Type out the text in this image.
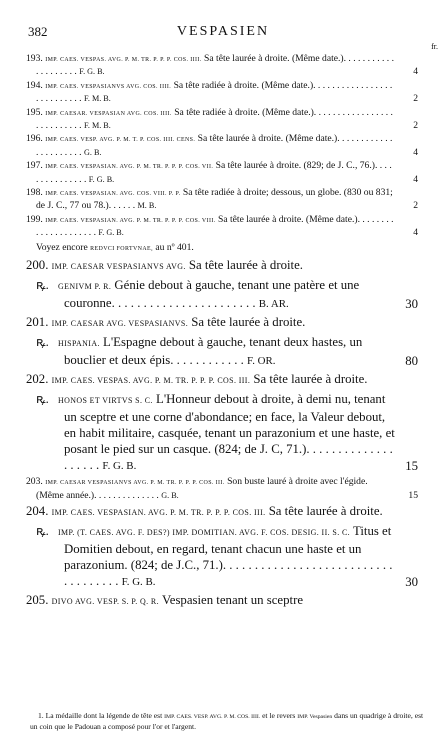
382	VESPASIEN
fr.
193. IMP. CAES. VESPAS. AVG. P. M. TR. P. P. P. COS. IIII. Sa tête laurée à droite. (Même date.). . . . . . . . . . . . . . . . . . . . F. G. B.	4
194. IMP. CAES. VESPASIANVS AVG. COS. IIII. Sa tête radiée à droite. (Même date.). . . . . . . . . . . . . . . . . . . . . . . . . . . F. M. B.	2
195. IMP. CAESAR. VESPASIAN AVG. COS. IIII. Sa tête radiée à droite. (Même date.). . . . . . . . . . . . . . . . . . . . . . . . . . . F. M. B.	2
196. IMP. CAES. VESP. AVG. P. M. T. P. COS. IIII. CENS. Sa tête laurée à droite. (Même date.). . . . . . . . . . . . . . . . . . . . . . G. B.	4
197. IMP. CAES. VESPASIAN. AVG. P. M. TR. P. P. P. COS. VII. Sa tête laurée à droite. (829; de J. C., 76.). . . . . . . . . . . . . . . F. G. B.	4
198. IMP. CAES. VESPASIAN. AVG. COS. VIII. P. P. Sa tête radiée à droite; dessous, un globe. (830 ou 831; de J. C., 77 ou 78.). . . . . . M. B.	2
199. IMP. CAES. VESPASIAN. AVG. P. M. TR. P. P. P. COS. VIII. Sa tête laurée à droite. (Même date.). . . . . . . . . . . . . . . . . . . . . F. G. B.	4
Voyez encore REDVCI FORTVNAE, au nº 401.
200. IMP. CAESAR VESPASIANVS AVG. Sa tête laurée à droite.
ꝶ. GENIVM P. R. Génie debout à gauche, tenant une patère et une couronne. . . . . . . . . . . . . . . . . . . . . . . B. AR.	30
201. IMP. CAESAR AVG. VESPASIANVS. Sa tête laurée à droite.
ꝶ. HISPANIA. L'Espagne debout à gauche, tenant deux hastes, un bouclier et deux épis. . . . . . . . . . . . F. OR.	80
202. IMP. CAES. VESPAS. AVG. P. M. TR. P. P. P. COS. III. Sa tête laurée à droite.
ꝶ. HONOS ET VIRTVS S. C. L'Honneur debout à droite, à demi nu, tenant un sceptre et une corne d'abondance; en face, la Valeur debout, en habit militaire, casquée, tenant un parazonium et une haste, et posant le pied sur un casque. (824; de J. C, 71.). . . . . . . . . . . . . . . . . . . . F. G. B.	15
203. IMP. CAESAR VESPASIANVS AVG. P. M. TR. P. P. P. COS. III. Son buste lauré à droite avec l'égide. (Même année.). . . . . . . . . . . . . . G. B.	15
204. IMP. CAES. VESPASIAN. AVG. P. M. TR. P. P. P. COS. III. Sa tête laurée à droite.
ꝶ. IMP. (T. CAES. AVG. F. DES?) IMP. DOMITIAN. AVG. F. COS. DESIG. II. S. C. Titus et Domitien debout, en regard, tenant chacun une haste et un parazonium. (824; de J.C., 71.). . . . . . . . . . . . . . . . . . . . . . . . . . . . . . . . . . . . F. G. B.	30
205. DIVO AVG. VESP. S. P. Q. R. Vespasien tenant un sceptre
1. La médaille dont la légende de tête est IMP. CAES. VESP. AVG. P. M. COS. IIII. et le revers IMP. Vespasien dans un quadrige à droite, est un coin que le Padouan a composé pour l'or et l'argent.
